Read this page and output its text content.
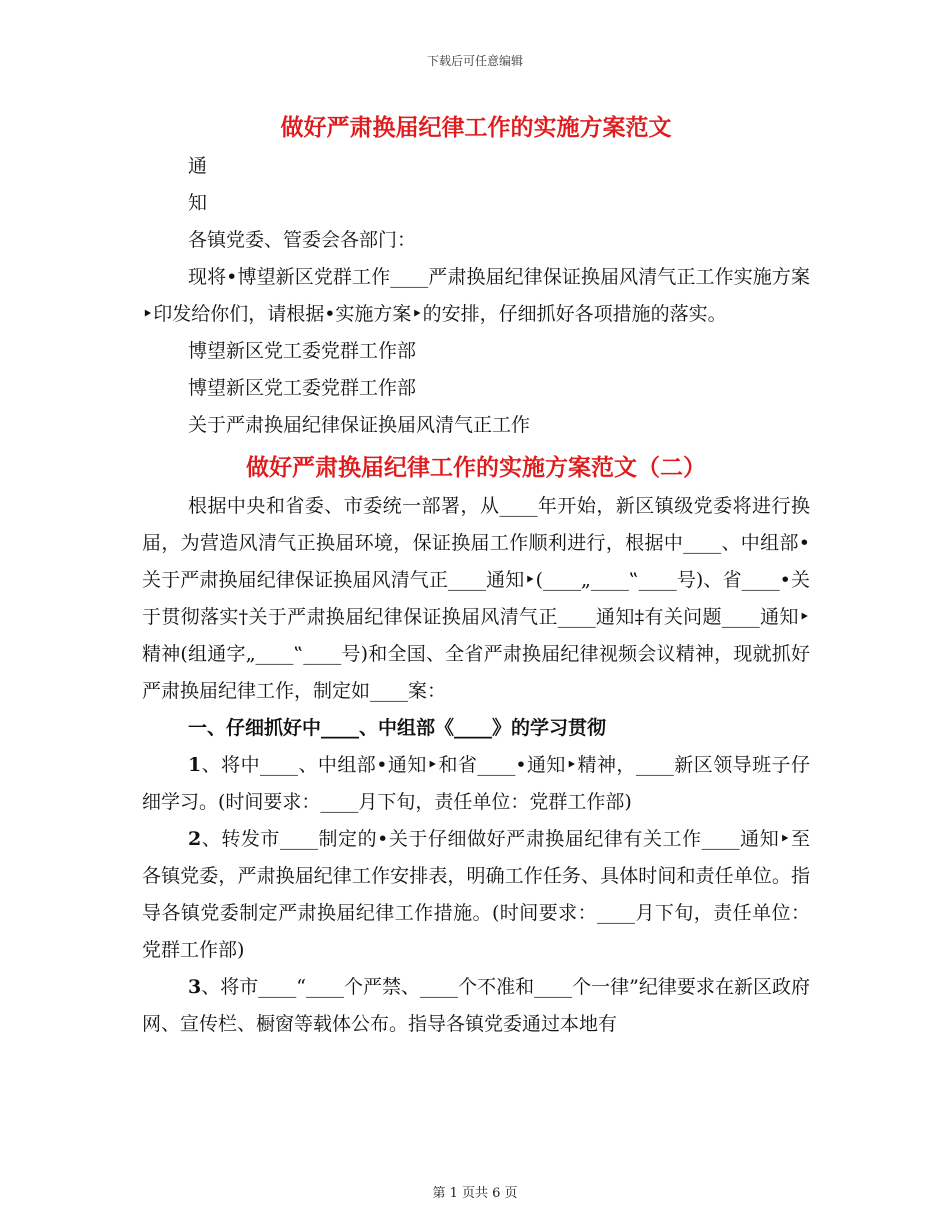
下载后可任意编辑
做好严肃换届纪律工作的实施方案范文

通

知

各镇党委、管委会各部门：

现将•博望新区党群工作____严肃换届纪律保证换届风清气正工作实施方案‣印发给你们，请根据•实施方案‣的安排，仔细抓好各项措施的落实。

博望新区党工委党群工作部

博望新区党工委党群工作部

关于严肃换届纪律保证换届风清气正工作

做好严肃换届纪律工作的实施方案范文（二）

根据中央和省委、市委统一部署，从____年开始，新区镇级党委将进行换届，为营造风清气正换届环境，保证换届工作顺利进行，根据中____、中组部•关于严肃换届纪律保证换届风清气正____通知‣(____„____‟____号)、省____•关于贯彻落实†关于严肃换届纪律保证换届风清气正____通知‡有关问题____通知‣精神(组通字„____‟____号)和全国、全省严肃换届纪律视频会议精神，现就抓好严肃换届纪律工作，制定如____案：

一、仔细抓好中____、中组部《____》的学习贯彻

1、将中____、中组部•通知‣和省____•通知‣精神，____新区领导班子仔细学习。(时间要求：____月下旬，责任单位：党群工作部)

2、转发市____制定的•关于仔细做好严肃换届纪律有关工作____通知‣至各镇党委，严肃换届纪律工作安排表，明确工作任务、具体时间和责任单位。指导各镇党委制定严肃换届纪律工作措施。(时间要求：____月下旬，责任单位：党群工作部)

3、将市____“____个严禁、____个不准和____个一律”纪律要求在新区政府网、宣传栏、橱窗等载体公布。指导各镇党委通过本地有

第 1 页共 6 页
